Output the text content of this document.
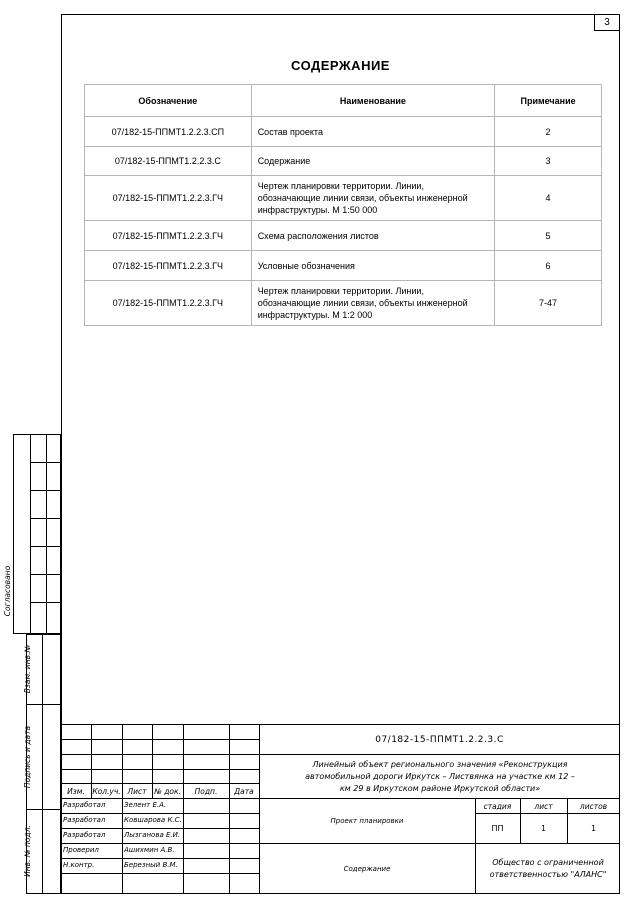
3
СОДЕРЖАНИЕ
Обозначение	Наименование	Примечание
07/182-15-ППМТ1.2.2.3.СП	Состав проекта	2
07/182-15-ППМТ1.2.2.3.С	Содержание	3
07/182-15-ППМТ1.2.2.3.ГЧ	Чертеж планировки территории. Линии, обозначающие линии связи, объекты инженерной инфраструктуры. М 1:50 000	4
07/182-15-ППМТ1.2.2.3.ГЧ	Схема расположения листов	5
07/182-15-ППМТ1.2.2.3.ГЧ	Условные обозначения	6
07/182-15-ППМТ1.2.2.3.ГЧ	Чертеж планировки территории. Линии, обозначающие линии связи, объекты инженерной инфраструктуры. М 1:2 000	7-47
Согласовано
Взам. инв.№
Подпись и дата
Инв. № подл.
07/182-15-ППМТ1.2.2.3.С
Линейный объект регионального значения «Реконструкция автомобильной дороги Иркутск – Листвянка на участке км 12 – км 29 в Иркутском районе Иркутской области»
Изм.	Кол.уч. Лист	№ док.	Подп.	Дата
Разработал	Зелент Е.А.
Разработал	Ковшарова К.С.
Разработал	Лызганова Е.И.
Проверил	Ашихмин А.В.
Н.контр.	Березный В.М.
Проект планировки
Содержание
стадия	лист	листов
ПП	1	1
Общество с ограниченной ответственностью "АЛАНС"
